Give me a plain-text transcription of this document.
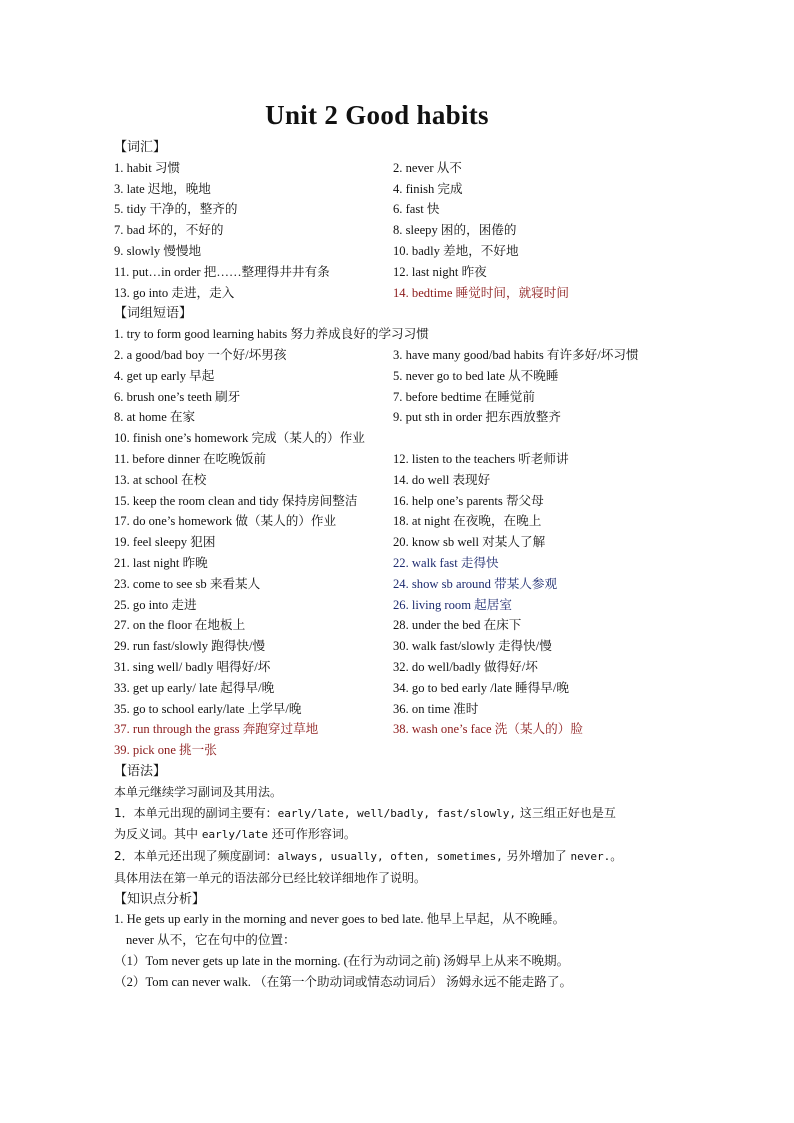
Unit 2 Good habits
【词汇】
1. habit 习惯	2. never 从不
3. late 迟地，晚地	4. finish 完成
5. tidy 干净的，整齐的	6. fast 快
7. bad 坏的，不好的	8. sleepy 困的，困倦的
9. slowly 慢慢地	10. badly 差地，不好地
11. put…in order 把……整理得井井有条	12. last night 昨夜
13. go into 走进，走入	14. bedtime 睡觉时间，就寝时间
【词组短语】
1. try to form good learning habits 努力养成良好的学习习惯
2. a good/bad boy 一个好/坏男孩	3. have many good/bad habits 有许多好/坏习惯
4. get up early 早起	5. never go to bed late 从不晚睡
6. brush one’s teeth 刷牙	7. before bedtime 在睡觉前
8. at home 在家	9. put sth in order 把东西放整齐
10. finish one’s homework 完成（某人的）作业
11. before dinner 在吃晚饭前	12. listen to the teachers 听老师讲
13. at school 在校	14. do well 表现好
15. keep the room clean and tidy 保持房间整洁	16. help one’s parents 帮父母
17. do one’s homework 做（某人的）作业	18. at night 在夜晚，在晚上
19. feel sleepy 犯困	20. know sb well 对某人了解
21. last night 昨晚	22. walk fast 走得快
23. come to see sb 来看某人	24. show sb around 带某人参观
25. go into 走进	26. living room 起居室
27. on the floor 在地板上	28. under the bed 在床下
29. run fast/slowly 跑得快/慢	30. walk fast/slowly 走得快/慢
31. sing well/ badly 唱得好/坏	32. do well/badly 做得好/坏
33. get up early/ late 起得早/晚	34. go to bed early /late 睡得早/晚
35. go to school early/late 上学早/晚	36. on time 准时
37. run through the grass 奔跑穿过草地	38. wash one’s face 洗（某人的）脸
39. pick one 挑一张
【语法】
本单元继续学习副词及其用法。
1．本单元出现的副词主要有：early/late, well/badly, fast/slowly, 这三组正好也是互
为反义词。其中 early/late 还可作形容词。
2．本单元还出现了频度副词：always, usually, often, sometimes, 另外增加了 never.。
具体用法在第一单元的语法部分已经比较详细地作了说明。
【知识点分析】
1. He gets up early in the morning and never goes to bed late. 他早上早起，从不晚睡。
never 从不，它在句中的位置：
（1）Tom never gets up late in the morning. (在行为动词之前) 汤姆早上从来不晚期。
（2）Tom can never walk. （在第一个助动词或情态动词后） 汤姆永远不能走路了。
